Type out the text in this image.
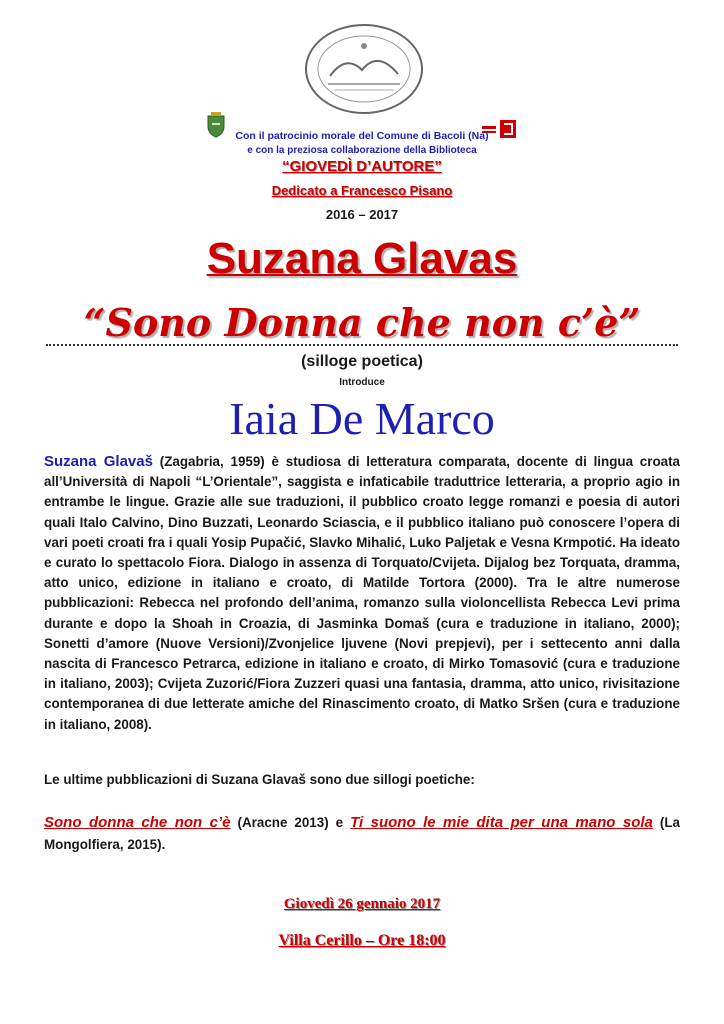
Con il patrocinio morale del Comune di Bacoli (Na)
e con la preziosa collaborazione della Biblioteca
“GIOVEDÌ D’AUTORE”
Dedicato a Francesco Pisano
2016 – 2017
Suzana Glavas
“Sono Donna che non c’è”
(silloge poetica)
Introduce
Iaia De Marco

Suzana Glavaš (Zagabria, 1959) è studiosa di letteratura comparata, docente di lingua croata all’Università di Napoli “L’Orientale”, saggista e infaticabile traduttrice letteraria, a proprio agio in entrambe le lingue. Grazie alle sue traduzioni, il pubblico croato legge romanzi e poesia di autori quali Italo Calvino, Dino Buzzati, Leonardo Sciascia, e il pubblico italiano può conoscere l’opera di vari poeti croati fra i quali Yosip Pupačić, Slavko Mihalić, Luko Paljetak e Vesna Krmpotić. Ha ideato e curato lo spettacolo Fiora. Dialogo in assenza di Torquato/Cvijeta. Dijalog bez Torquata, dramma, atto unico, edizione in italiano e croato, di Matilde Tortora (2000). Tra le altre numerose pubblicazioni: Rebecca nel profondo dell’anima, romanzo sulla violoncellista Rebecca Levi prima durante e dopo la Shoah in Croazia, di Jasminka Domaš (cura e traduzione in italiano, 2000); Sonetti d’amore (Nuove Versioni)/Zvonjelice ljuvene (Novi prepjevi), per i settecento anni dalla nascita di Francesco Petrarca, edizione in italiano e croato, di Mirko Tomasović (cura e traduzione in italiano, 2003); Cvijeta Zuzorić/Fiora Zuzzeri quasi una fantasia, dramma, atto unico, rivisitazione contemporanea di due letterate amiche del Rinascimento croato, di Matko Sršen (cura e traduzione in italiano, 2008).

Le ultime pubblicazioni di Suzana Glavaš sono due sillogi poetiche:

Sono donna che non c’è (Aracne 2013) e Ti suono le mie dita per una mano sola (La Mongolfiera, 2015).

Giovedì 26 gennaio 2017
Villa Cerillo – Ore 18:00
